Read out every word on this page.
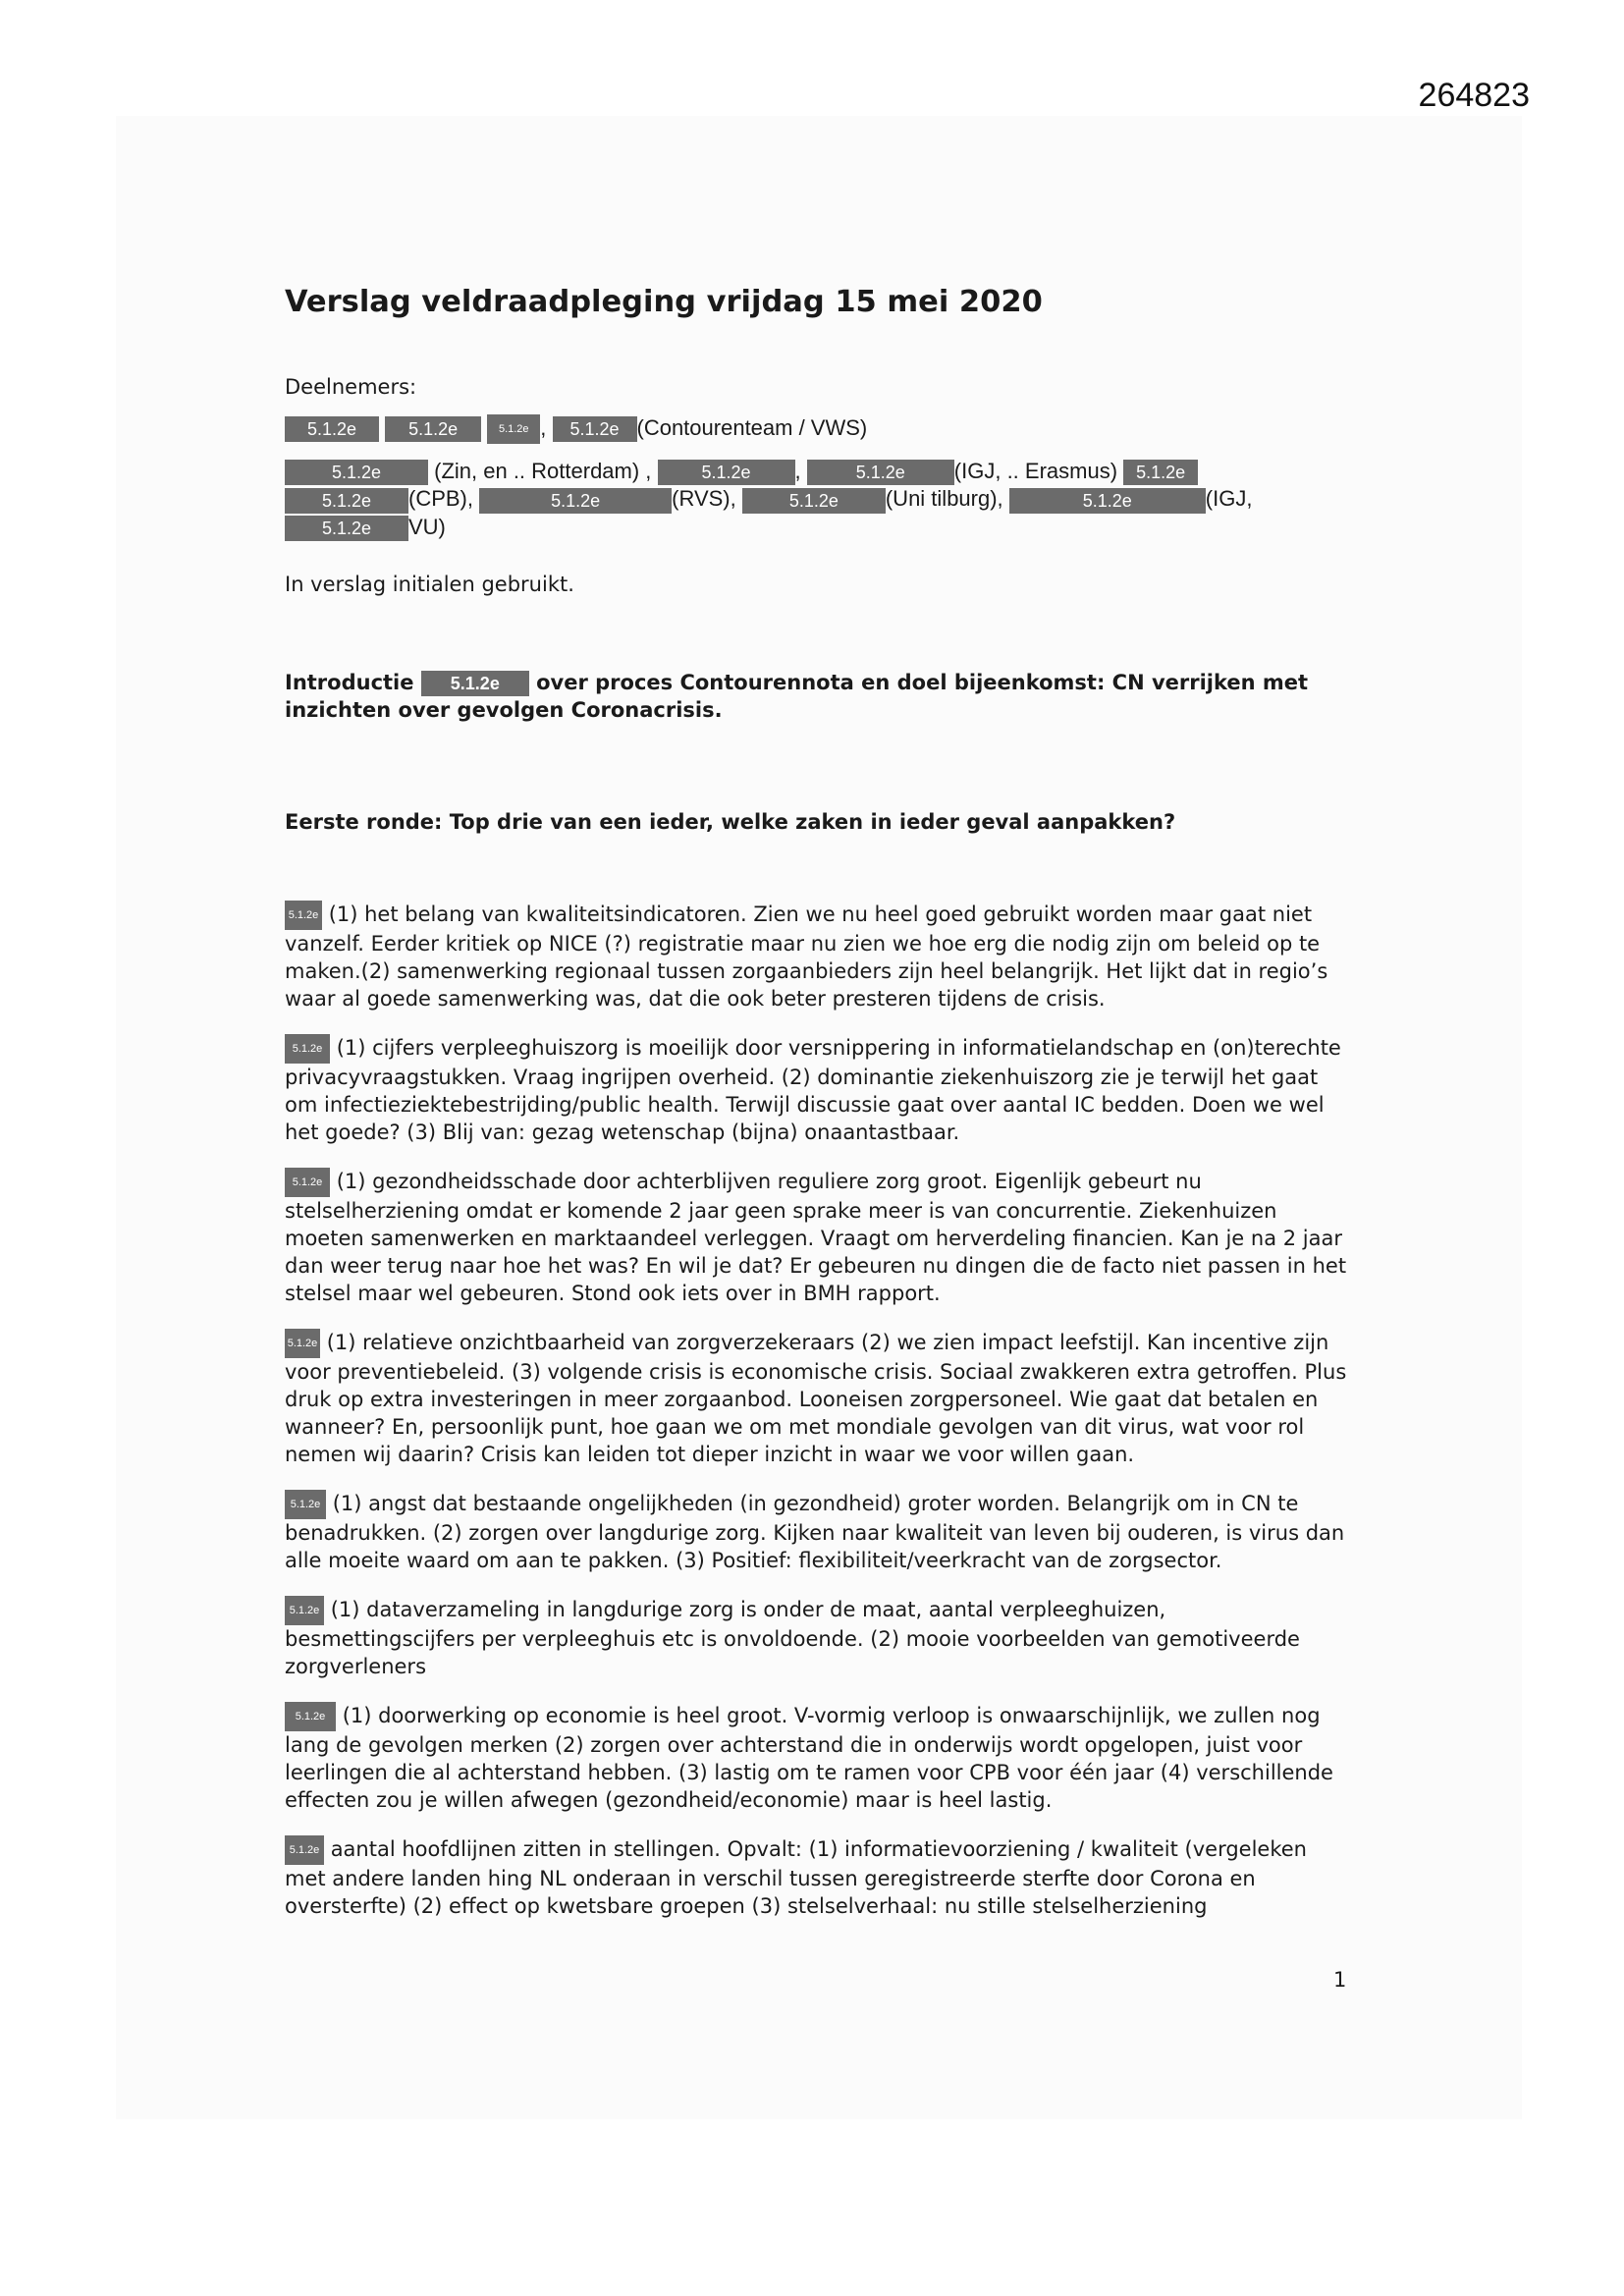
264823
Verslag veldraadpleging vrijdag 15 mei 2020

Deelnemers:

5.1.2e	5.1.2e	5.1.2e , 5.1.2e (Contourenteam / VWS)

5.1.2e (Zin, en .. Rotterdam) ,	5.1.2e ,	5.1.2e (IGJ, .. Erasmus) 5.1.2e
5.1.2e (CPB),	5.1.2e	(RVS),	5.1.2e (Uni tilburg),	5.1.2e	(IGJ,
5.1.2e VU)

In verslag initialen gebruikt.

Introductie 5.1.2e over proces Contourennota en doel bijeenkomst: CN verrijken met inzichten over gevolgen Coronacrisis.

Eerste ronde: Top drie van een ieder, welke zaken in ieder geval aanpakken?

5.1.2e (1) het belang van kwaliteitsindicatoren. Zien we nu heel goed gebruikt worden maar gaat niet vanzelf. Eerder kritiek op NICE (?) registratie maar nu zien we hoe erg die nodig zijn om beleid op te maken.(2) samenwerking regionaal tussen zorgaanbieders zijn heel belangrijk. Het lijkt dat in regio’s waar al goede samenwerking was, dat die ook beter presteren tijdens de crisis.

5.1.2e (1) cijfers verpleeghuiszorg is moeilijk door versnippering in informatielandschap en (on)terechte privacyvraagstukken. Vraag ingrijpen overheid. (2) dominantie ziekenhuiszorg zie je terwijl het gaat om infectieziektebestrijding/public health. Terwijl discussie gaat over aantal IC bedden. Doen we wel het goede? (3) Blij van: gezag wetenschap (bijna) onaantastbaar.

5.1.2e (1) gezondheidsschade door achterblijven reguliere zorg groot. Eigenlijk gebeurt nu stelselherziening omdat er komende 2 jaar geen sprake meer is van concurrentie. Ziekenhuizen moeten samenwerken en marktaandeel verleggen. Vraagt om herverdeling financien. Kan je na 2 jaar dan weer terug naar hoe het was? En wil je dat? Er gebeuren nu dingen die de facto niet passen in het stelsel maar wel gebeuren. Stond ook iets over in BMH rapport.

5.1.2e (1) relatieve onzichtbaarheid van zorgverzekeraars (2) we zien impact leefstijl. Kan incentive zijn voor preventiebeleid. (3) volgende crisis is economische crisis. Sociaal zwakkeren extra getroffen. Plus druk op extra investeringen in meer zorgaanbod. Looneisen zorgpersoneel. Wie gaat dat betalen en wanneer? En, persoonlijk punt, hoe gaan we om met mondiale gevolgen van dit virus, wat voor rol nemen wij daarin? Crisis kan leiden tot dieper inzicht in waar we voor willen gaan.

5.1.2e (1) angst dat bestaande ongelijkheden (in gezondheid) groter worden. Belangrijk om in CN te benadrukken. (2) zorgen over langdurige zorg. Kijken naar kwaliteit van leven bij ouderen, is virus dan alle moeite waard om aan te pakken. (3) Positief: flexibiliteit/veerkracht van de zorgsector.

5.1.2e (1) dataverzameling in langdurige zorg is onder de maat, aantal verpleeghuizen, besmettingscijfers per verpleeghuis etc is onvoldoende. (2) mooie voorbeelden van gemotiveerde zorgverleners

5.1.2e (1) doorwerking op economie is heel groot. V-vormig verloop is onwaarschijnlijk, we zullen nog lang de gevolgen merken (2) zorgen over achterstand die in onderwijs wordt opgelopen, juist voor leerlingen die al achterstand hebben. (3) lastig om te ramen voor CPB voor één jaar (4) verschillende effecten zou je willen afwegen (gezondheid/economie) maar is heel lastig.

5.1.2e aantal hoofdlijnen zitten in stellingen. Opvalt: (1) informatievoorziening / kwaliteit (vergeleken met andere landen hing NL onderaan in verschil tussen geregistreerde sterfte door Corona en oversterfte) (2) effect op kwetsbare groepen (3) stelselverhaal: nu stille stelselherziening

1
